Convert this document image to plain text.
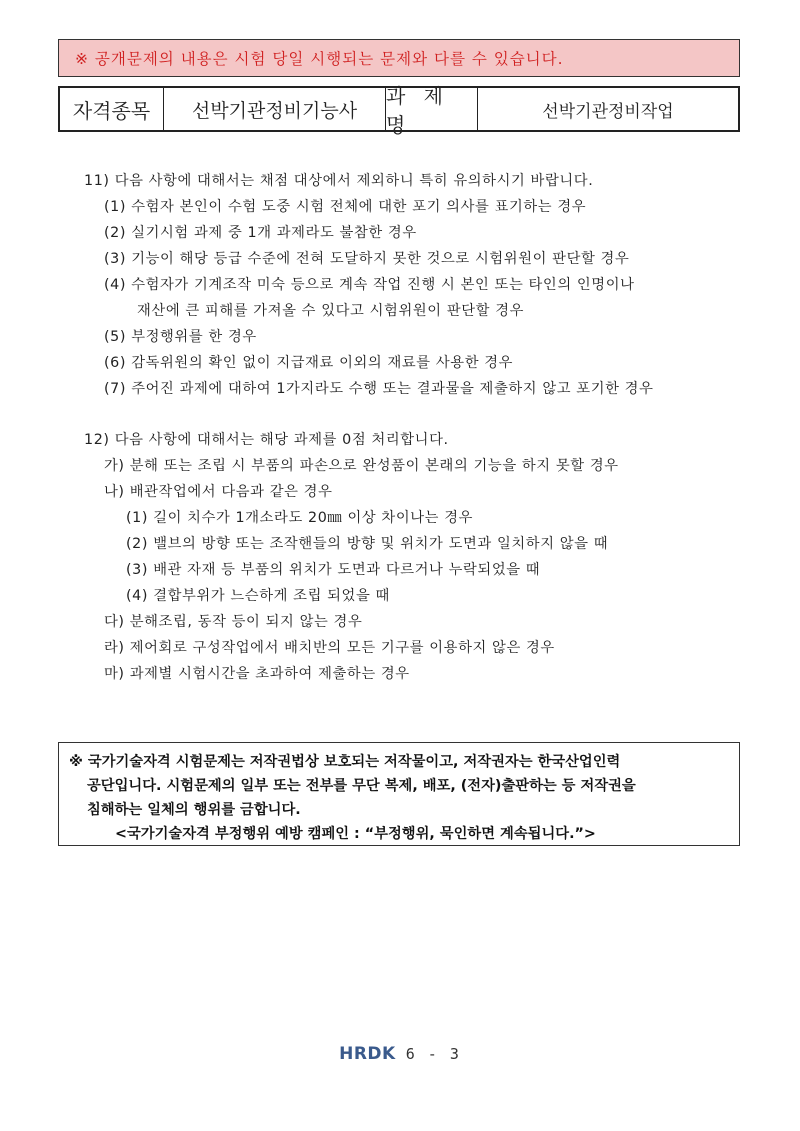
※ 공개문제의 내용은 시험 당일 시행되는 문제와 다를 수 있습니다.
자격종목	선박기관정비기능사
과 제 명
선박기관정비작업
11) 다음 사항에 대해서는 채점 대상에서 제외하니 특히 유의하시기 바랍니다.
(1) 수험자 본인이 수험 도중 시험 전체에 대한 포기 의사를 표기하는 경우
(2) 실기시험 과제 중 1개 과제라도 불참한 경우
(3) 기능이 해당 등급 수준에 전혀 도달하지 못한 것으로 시험위원이 판단할 경우
(4) 수험자가 기계조작 미숙 등으로 계속 작업 진행 시 본인 또는 타인의 인명이나
재산에 큰 피해를 가져올 수 있다고 시험위원이 판단할 경우
(5) 부정행위를 한 경우
(6) 감독위원의 확인 없이 지급재료 이외의 재료를 사용한 경우
(7) 주어진 과제에 대하여 1가지라도 수행 또는 결과물을 제출하지 않고 포기한 경우
12) 다음 사항에 대해서는 해당 과제를 0점 처리합니다.
가) 분해 또는 조립 시 부품의 파손으로 완성품이 본래의 기능을 하지 못할 경우
나) 배관작업에서 다음과 같은 경우
(1) 길이 치수가 1개소라도 20㎜ 이상 차이나는 경우
(2) 밸브의 방향 또는 조작핸들의 방향 및 위치가 도면과 일치하지 않을 때
(3) 배관 자재 등 부품의 위치가 도면과 다르거나 누락되었을 때
(4) 결합부위가 느슨하게 조립 되었을 때
다) 분해조립, 동작 등이 되지 않는 경우
라) 제어회로 구성작업에서 배치반의 모든 기구를 이용하지 않은 경우
마) 과제별 시험시간을 초과하여 제출하는 경우
※ 국가기술자격 시험문제는 저작권법상 보호되는 저작물이고, 저작권자는 한국산업인력
공단입니다. 시험문제의 일부 또는 전부를 무단 복제, 배포, (전자)출판하는 등 저작권을
침해하는 일체의 행위를 금합니다.
<국가기술자격 부정행위 예방 캠페인 : “부정행위, 묵인하면 계속됩니다.”>
HRDK 6 - 3
